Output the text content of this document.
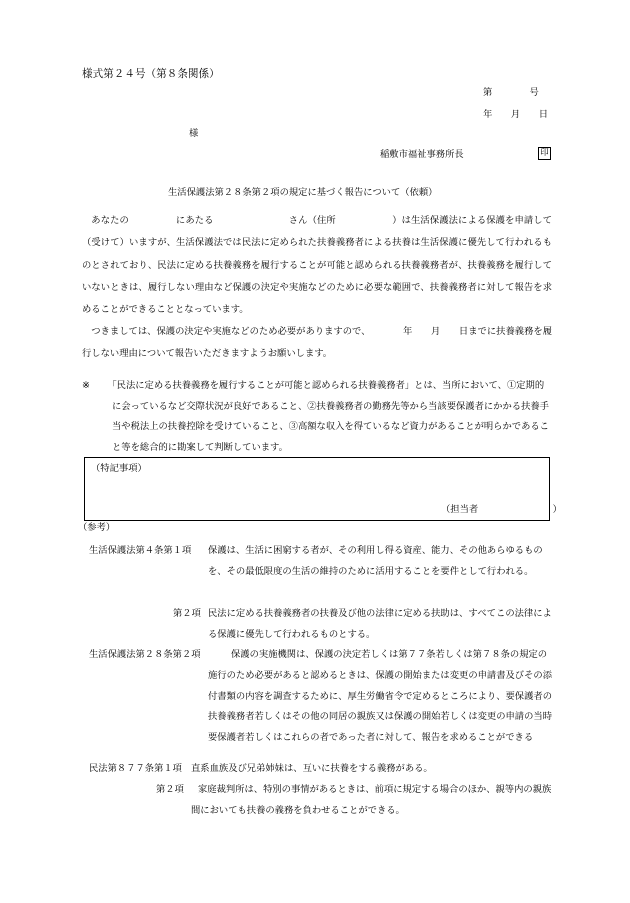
様式第２４号（第８条関係）
第　　　　号
年　　月　　日
様
稲敷市福祉事務所長	印
生活保護法第２８条第２項の規定に基づく報告について（依頼）
あなたの　　　　　にあたる　　　　　　　　さん（住所　　　　　　）は生活保護法による保護を申請して（受けて）いますが、生活保護法では民法に定められた扶養義務者による扶養は生活保護に優先して行われるものとされており、民法に定める扶養義務を履行することが可能と認められる扶養義務者が、扶養義務を履行していないときは、履行しない理由など保護の決定や実施などのために必要な範囲で、扶養義務者に対して報告を求めることができることとなっています。
つきましては、保護の決定や実施などのため必要がありますので、　　　　年　　月　　日までに扶養義務を履行しない理由について報告いただきますようお願いします。
※ 「民法に定める扶養義務を履行することが可能と認められる扶養義務者」とは、当所において、①定期的に会っているなど交際状況が良好であること、②扶養義務者の勤務先等から当該要保護者にかかる扶養手当や税法上の扶養控除を受けていること、③高額な収入を得ているなど資力があることが明らかであること等を総合的に勘案して判断しています。
（特記事項）
（担当者　　　　　　　　）
（参考）
生活保護法第４条第１項 保護は、生活に困窮する者が、その利用し得る資産、能力、その他あらゆるものを、その最低限度の生活の維持のために活用することを要件として行われる。
第２項 民法に定める扶養義務者の扶養及び他の法律に定める扶助は、すべてこの法律による保護に優先して行われるものとする。
生活保護法第２８条第２項	保護の実施機関は、保護の決定若しくは第７７条若しくは第７８条の規定の施行のため必要があると認めるときは、保護の開始または変更の申請書及びその添付書類の内容を調査するために、厚生労働省令で定めるところにより、要保護者の扶養義務者若しくはその他の同居の親族又は保護の開始若しくは変更の申請の当時要保護者若しくはこれらの者であった者に対して、報告を求めることができる
民法第８７７条第１項 直系血族及び兄弟姉妹は、互いに扶養をする義務がある。
第２項	家庭裁判所は、特別の事情があるときは、前項に規定する場合のほか、親等内の親族間においても扶養の義務を負わせることができる。
